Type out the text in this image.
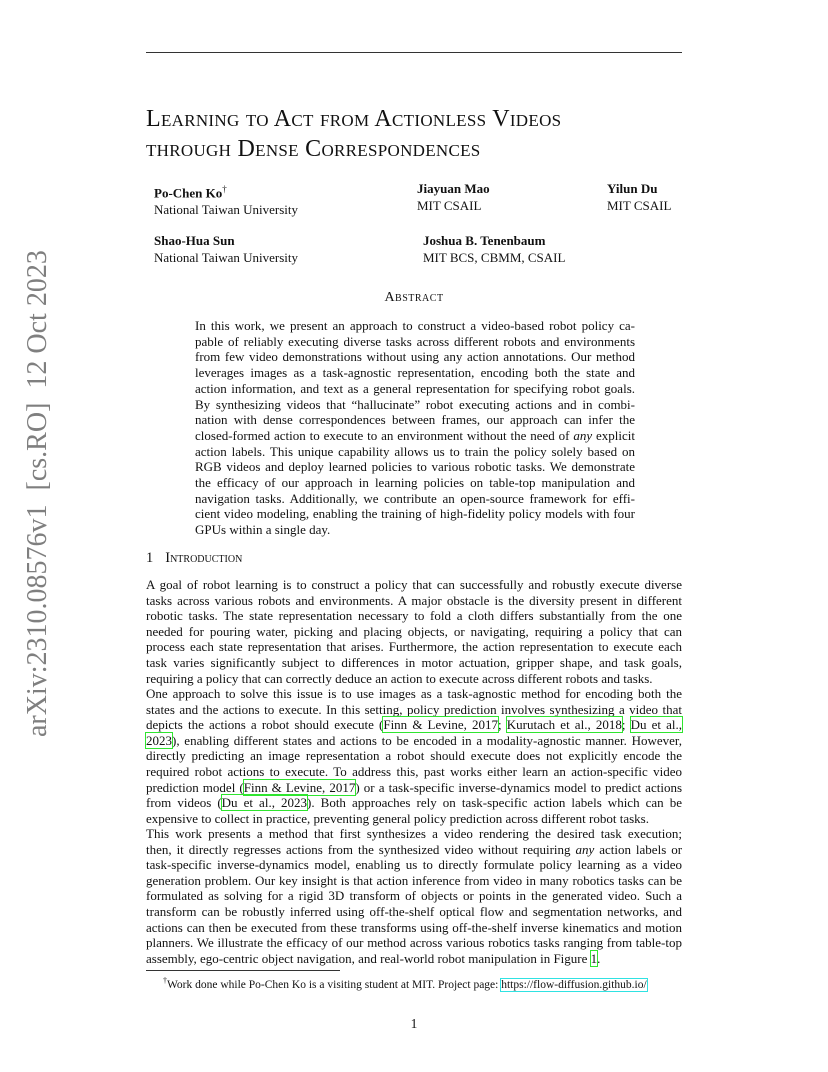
arXiv:2310.08576v1  [cs.RO]  12 Oct 2023
Learning to Act from Actionless Videos
through Dense Correspondences
Po-Chen Ko†
National Taiwan University
Jiayuan Mao
MIT CSAIL
Yilun Du
MIT CSAIL
Shao-Hua Sun
National Taiwan University
Joshua B. Tenenbaum
MIT BCS, CBMM, CSAIL
Abstract
In this work, we present an approach to construct a video-based robot policy ca-
pable of reliably executing diverse tasks across different robots and environments
from few video demonstrations without using any action annotations. Our method
leverages images as a task-agnostic representation, encoding both the state and
action information, and text as a general representation for specifying robot goals.
By synthesizing videos that “hallucinate” robot executing actions and in combi-
nation with dense correspondences between frames, our approach can infer the
closed-formed action to execute to an environment without the need of any explicit
action labels. This unique capability allows us to train the policy solely based on
RGB videos and deploy learned policies to various robotic tasks. We demonstrate
the efficacy of our approach in learning policies on table-top manipulation and
navigation tasks. Additionally, we contribute an open-source framework for effi-
cient video modeling, enabling the training of high-fidelity policy models with four
GPUs within a single day.
1 Introduction
A goal of robot learning is to construct a policy that can successfully and robustly execute diverse
tasks across various robots and environments. A major obstacle is the diversity present in different
robotic tasks. The state representation necessary to fold a cloth differs substantially from the one
needed for pouring water, picking and placing objects, or navigating, requiring a policy that can
process each state representation that arises. Furthermore, the action representation to execute each
task varies significantly subject to differences in motor actuation, gripper shape, and task goals,
requiring a policy that can correctly deduce an action to execute across different robots and tasks.
One approach to solve this issue is to use images as a task-agnostic method for encoding both the
states and the actions to execute. In this setting, policy prediction involves synthesizing a video that
depicts the actions a robot should execute (Finn & Levine, 2017; Kurutach et al., 2018; Du et al.,
2023), enabling different states and actions to be encoded in a modality-agnostic manner. However,
directly predicting an image representation a robot should execute does not explicitly encode the
required robot actions to execute. To address this, past works either learn an action-specific video
prediction model (Finn & Levine, 2017) or a task-specific inverse-dynamics model to predict actions
from videos (Du et al., 2023). Both approaches rely on task-specific action labels which can be
expensive to collect in practice, preventing general policy prediction across different robot tasks.
This work presents a method that first synthesizes a video rendering the desired task execution;
then, it directly regresses actions from the synthesized video without requiring any action labels or
task-specific inverse-dynamics model, enabling us to directly formulate policy learning as a video
generation problem. Our key insight is that action inference from video in many robotics tasks can be
formulated as solving for a rigid 3D transform of objects or points in the generated video. Such a
transform can be robustly inferred using off-the-shelf optical flow and segmentation networks, and
actions can then be executed from these transforms using off-the-shelf inverse kinematics and motion
planners. We illustrate the efficacy of our method across various robotics tasks ranging from table-top
assembly, ego-centric object navigation, and real-world robot manipulation in Figure 1.
†Work done while Po-Chen Ko is a visiting student at MIT. Project page: https://flow-diffusion.github.io/
1
